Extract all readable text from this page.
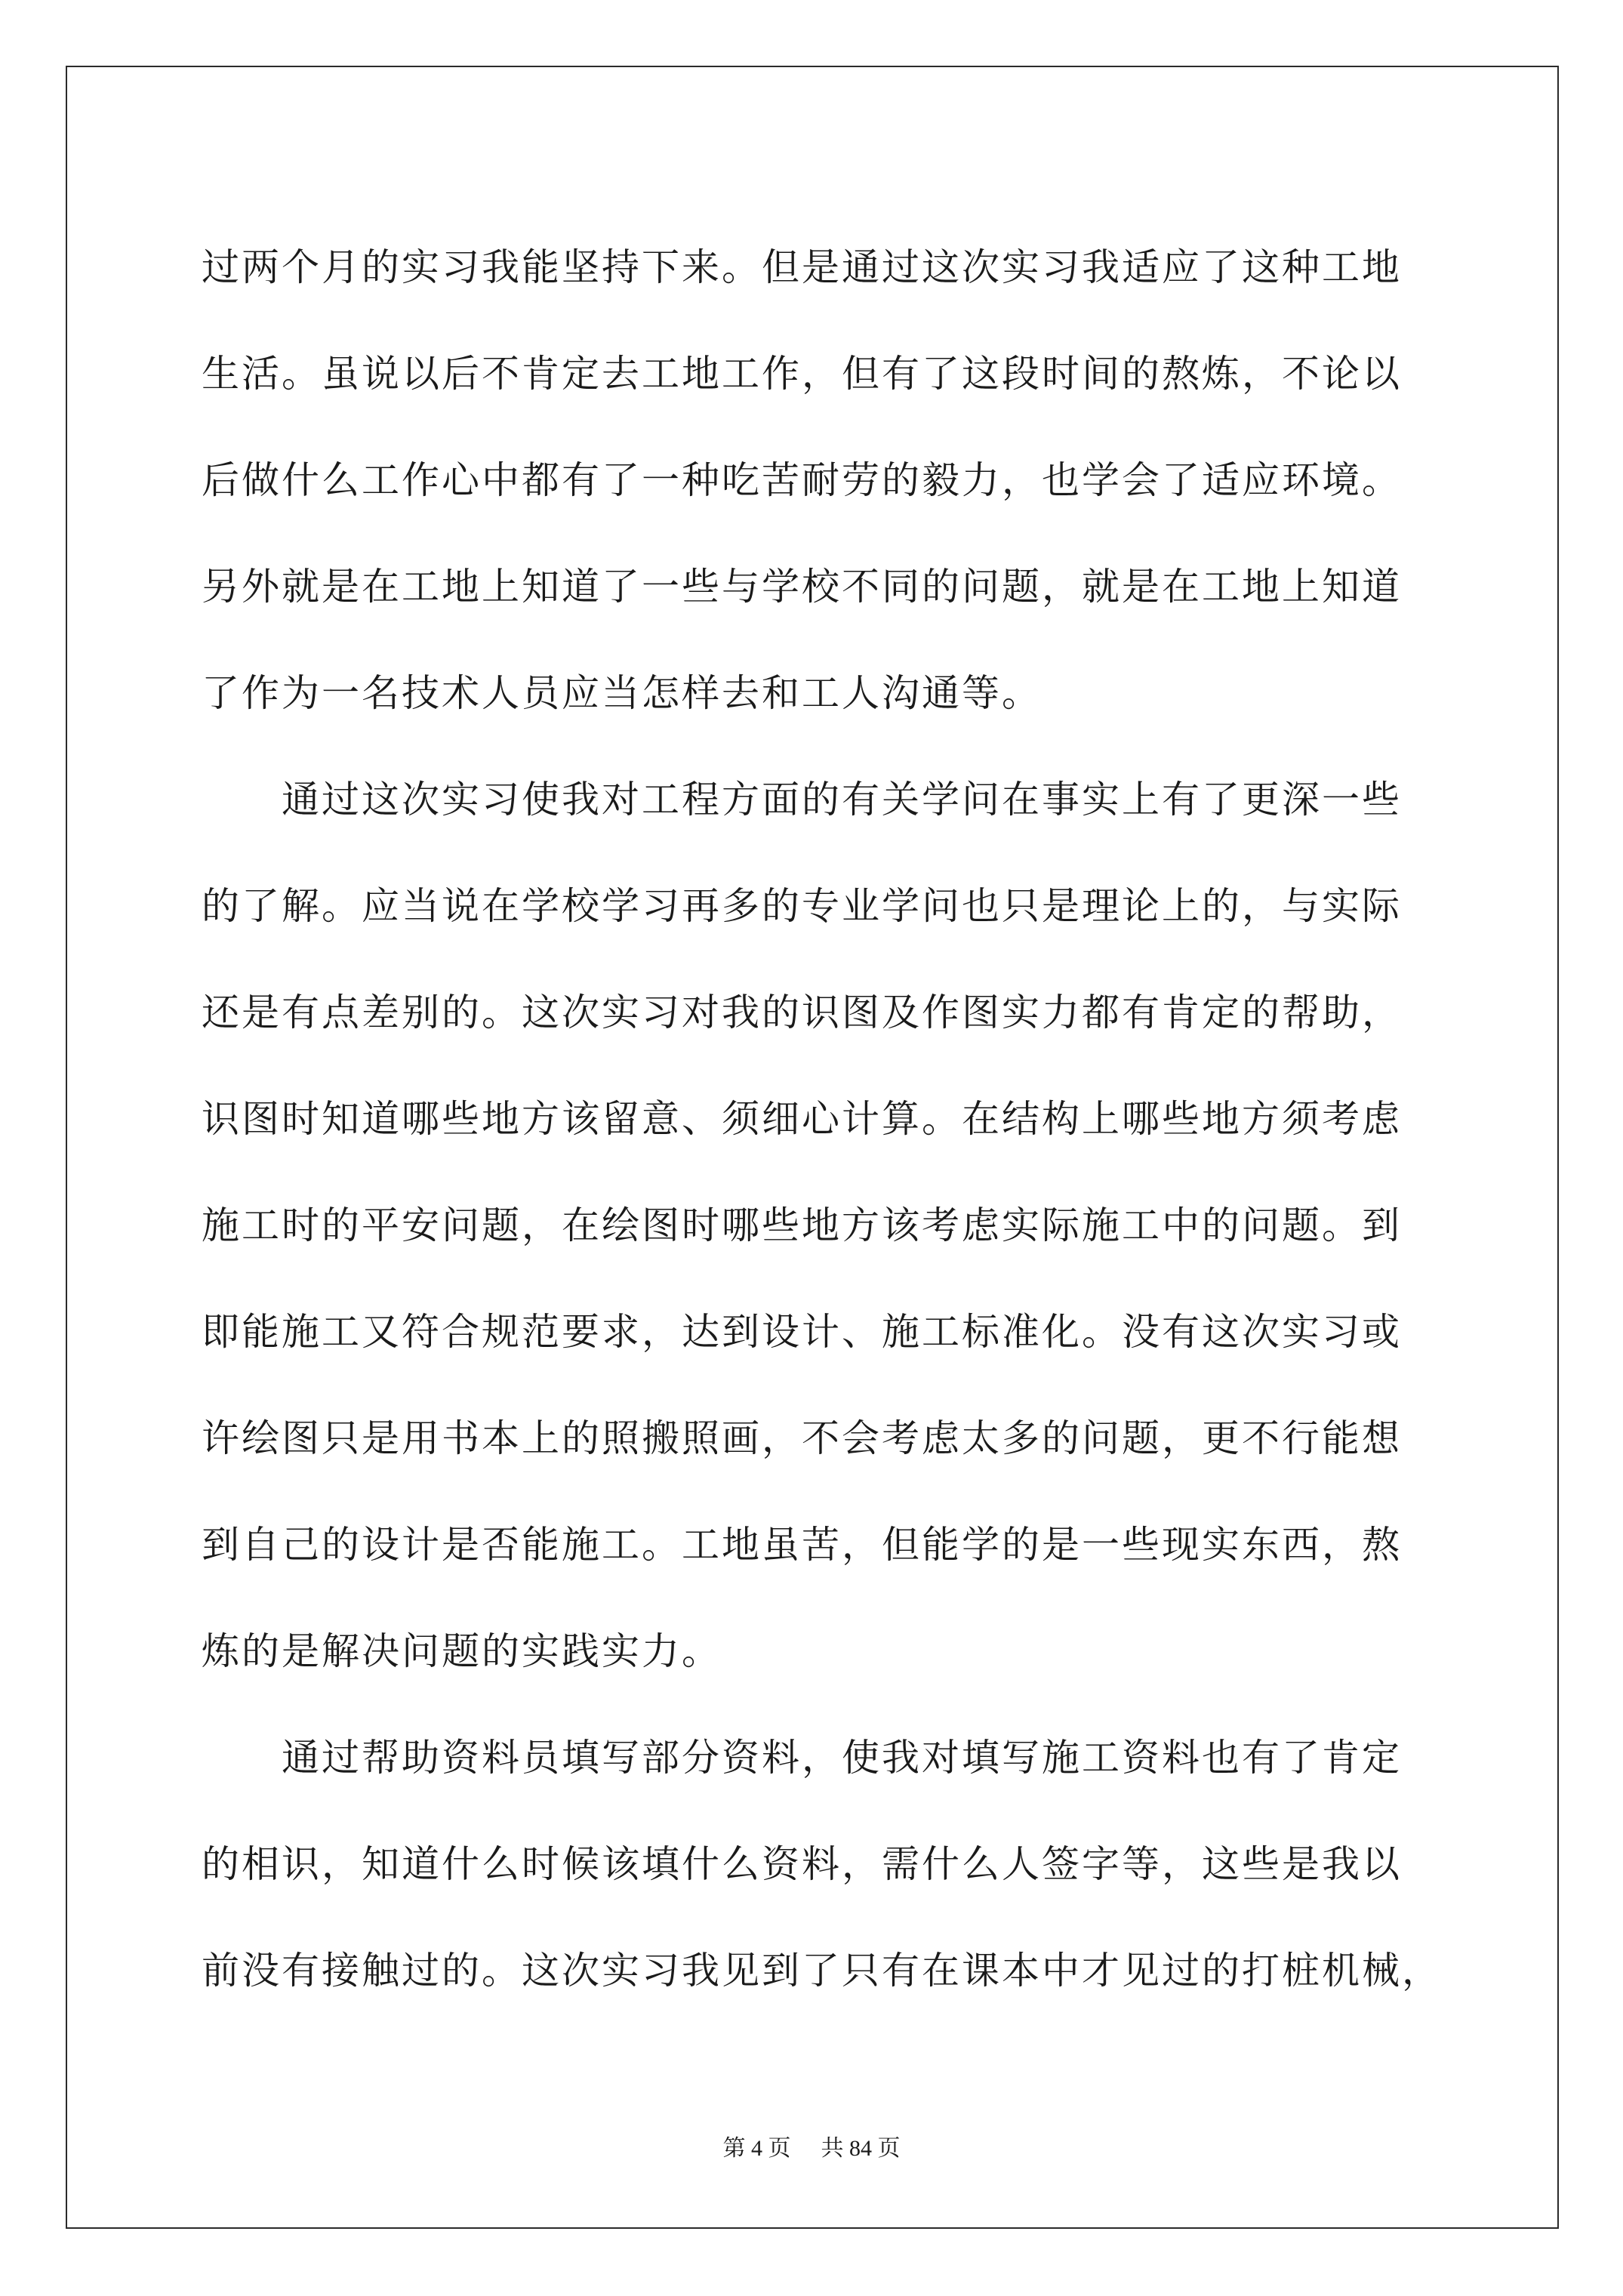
过两个月的实习我能坚持下来。但是通过这次实习我适应了这种工地
生活。虽说以后不肯定去工地工作，但有了这段时间的熬炼，不论以
后做什么工作心中都有了一种吃苦耐劳的毅力，也学会了适应环境。
另外就是在工地上知道了一些与学校不同的问题，就是在工地上知道
了作为一名技术人员应当怎样去和工人沟通等。
　　通过这次实习使我对工程方面的有关学问在事实上有了更深一些
的了解。应当说在学校学习再多的专业学问也只是理论上的，与实际
还是有点差别的。这次实习对我的识图及作图实力都有肯定的帮助，
识图时知道哪些地方该留意、须细心计算。在结构上哪些地方须考虑
施工时的平安问题，在绘图时哪些地方该考虑实际施工中的问题。到
即能施工又符合规范要求，达到设计、施工标准化。没有这次实习或
许绘图只是用书本上的照搬照画，不会考虑太多的问题，更不行能想
到自己的设计是否能施工。工地虽苦，但能学的是一些现实东西，熬
炼的是解决问题的实践实力。
　　通过帮助资料员填写部分资料，使我对填写施工资料也有了肯定
的相识，知道什么时候该填什么资料，需什么人签字等，这些是我以
前没有接触过的。这次实习我见到了只有在课本中才见过的打桩机械，
第 4 页 共 84 页
